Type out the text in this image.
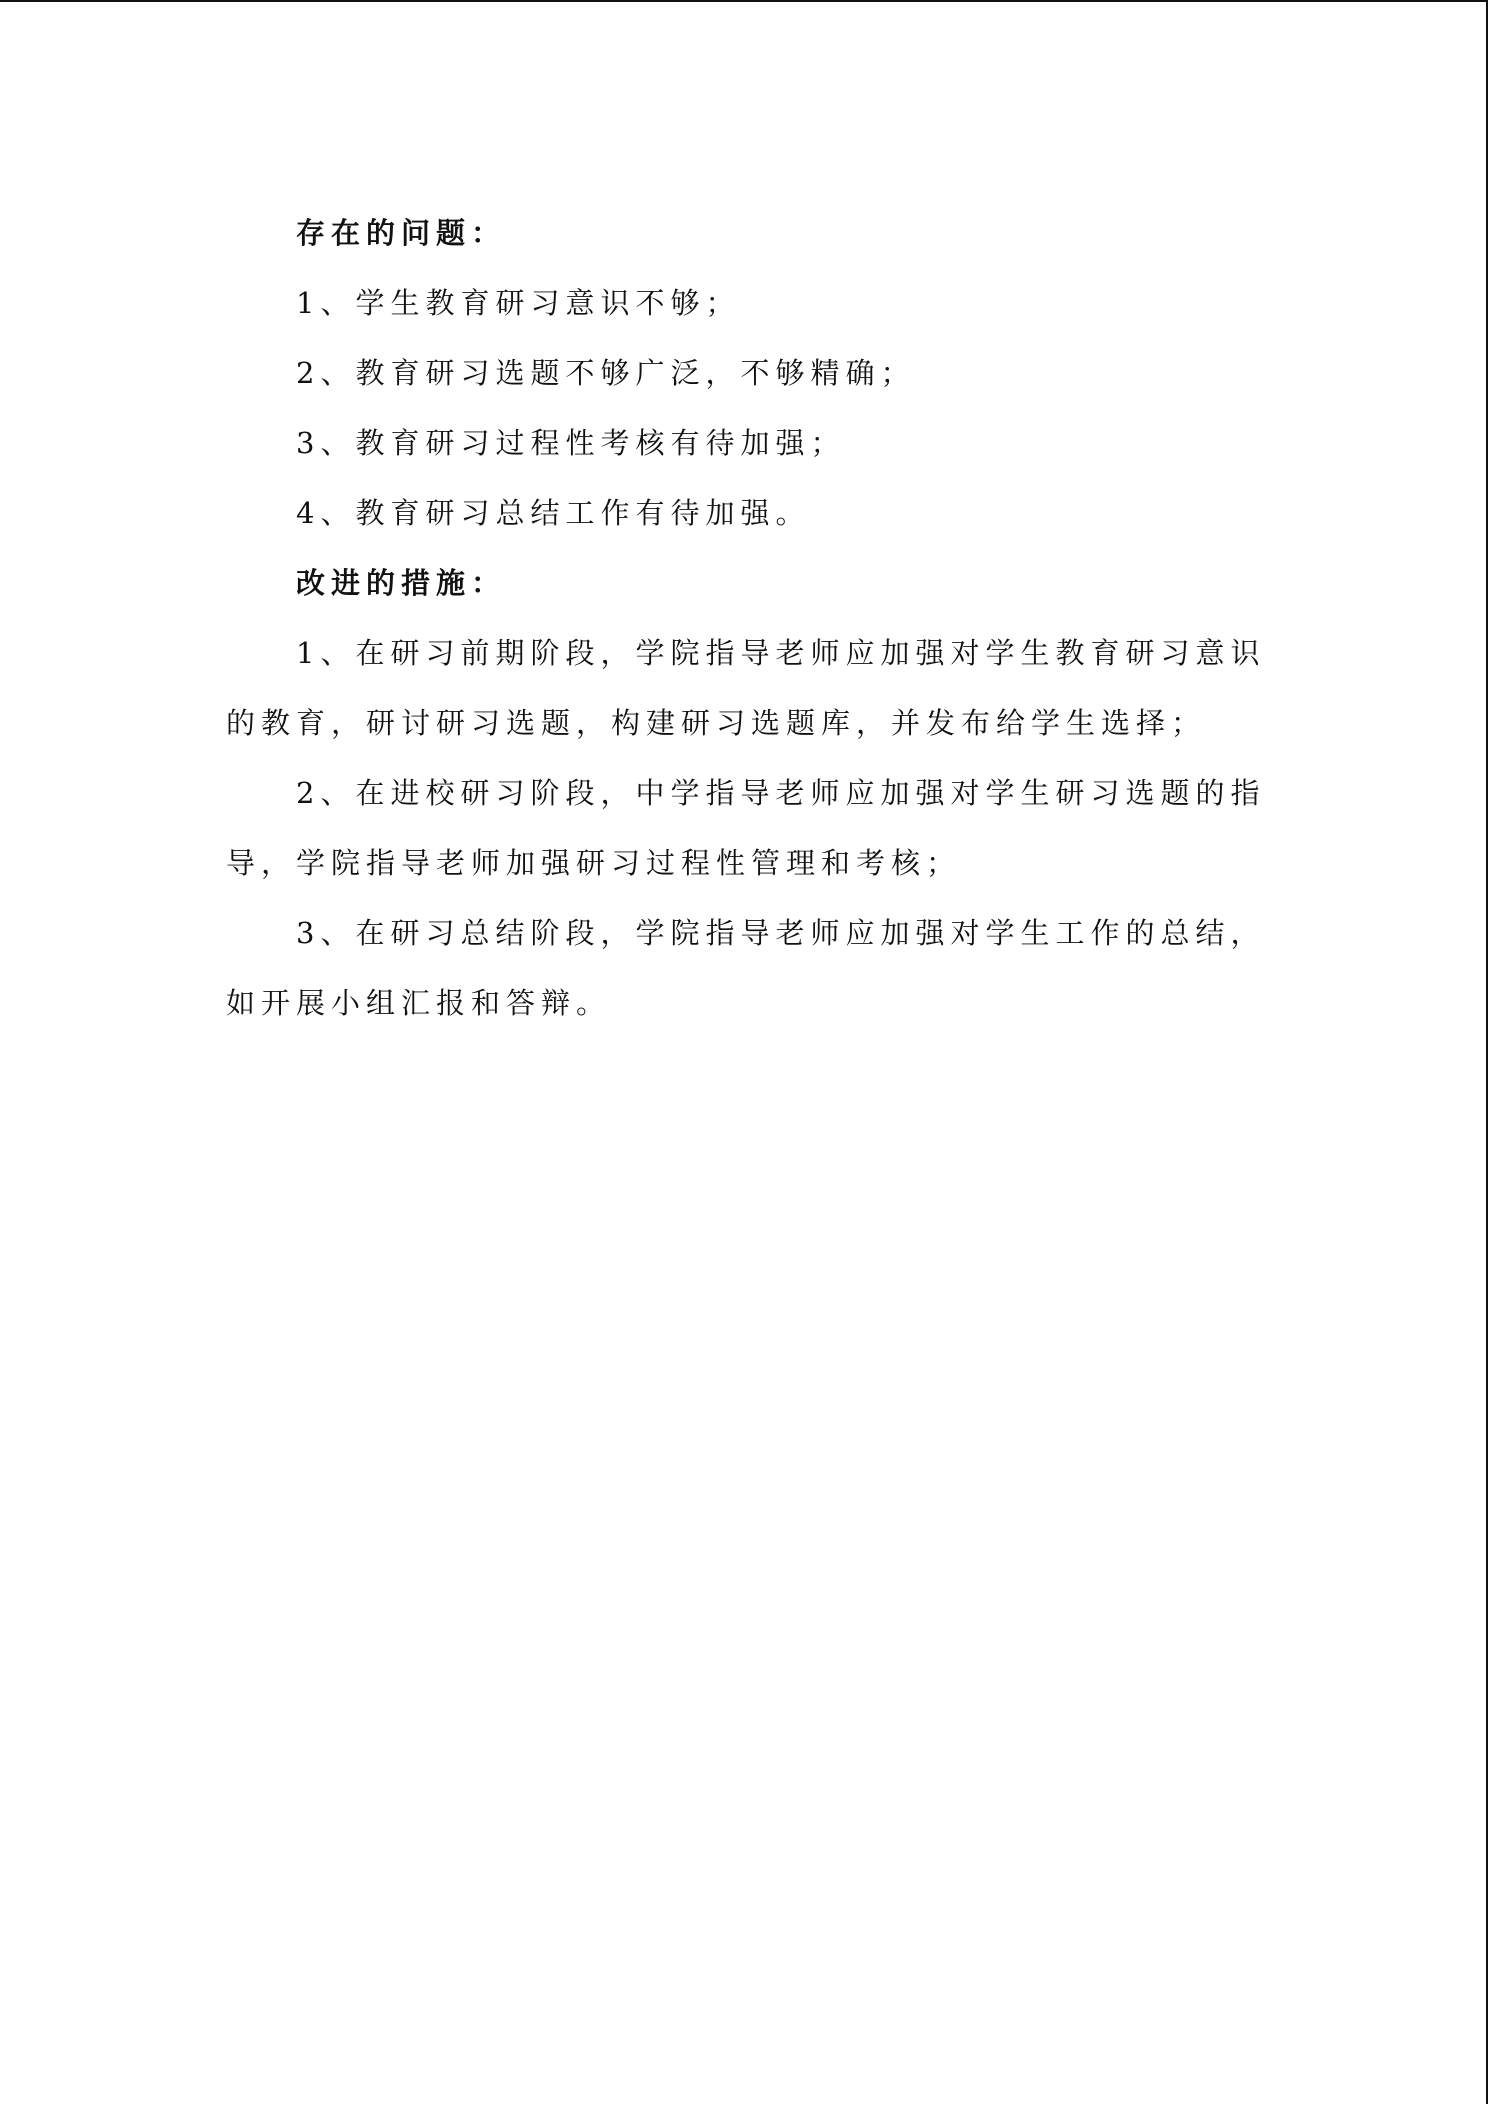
存在的问题：
1、学生教育研习意识不够；
2、教育研习选题不够广泛，不够精确；
3、教育研习过程性考核有待加强；
4、教育研习总结工作有待加强。
改进的措施：
1、在研习前期阶段，学院指导老师应加强对学生教育研习意识
的教育，研讨研习选题，构建研习选题库，并发布给学生选择；
2、在进校研习阶段，中学指导老师应加强对学生研习选题的指
导，学院指导老师加强研习过程性管理和考核；
3、在研习总结阶段，学院指导老师应加强对学生工作的总结，
如开展小组汇报和答辩。
